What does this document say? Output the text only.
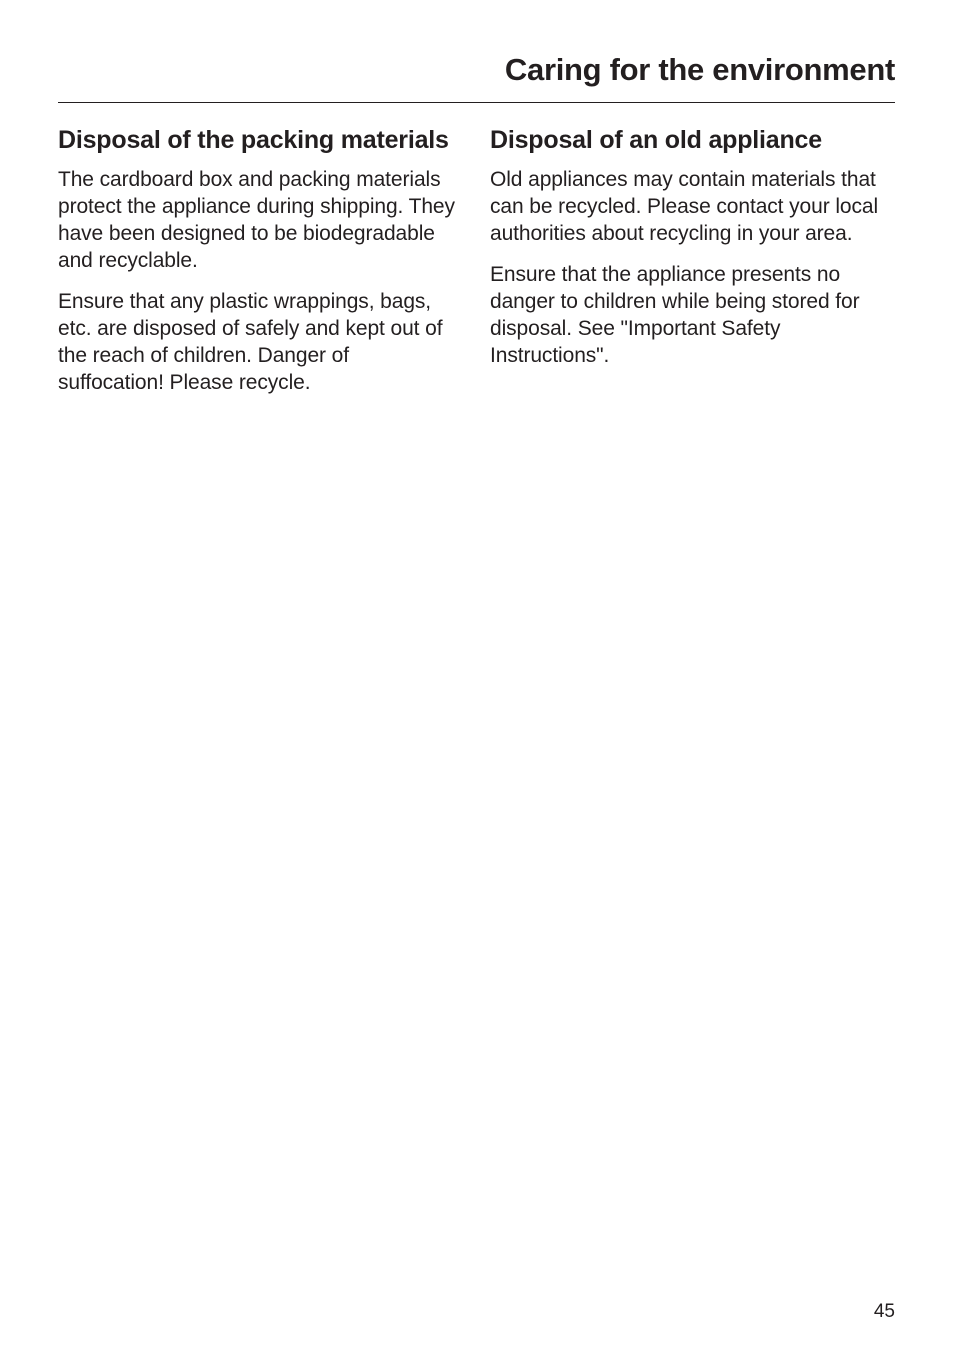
Caring for the environment
Disposal of the packing materials

The cardboard box and packing materials protect the appliance during shipping. They have been designed to be biodegradable and recyclable.

Ensure that any plastic wrappings, bags, etc. are disposed of safely and kept out of the reach of children. Danger of suffocation! Please recycle.

Disposal of an old appliance

Old appliances may contain materials that can be recycled. Please contact your local authorities about recycling in your area.

Ensure that the appliance presents no danger to children while being stored for disposal. See "Important Safety Instructions".

45
